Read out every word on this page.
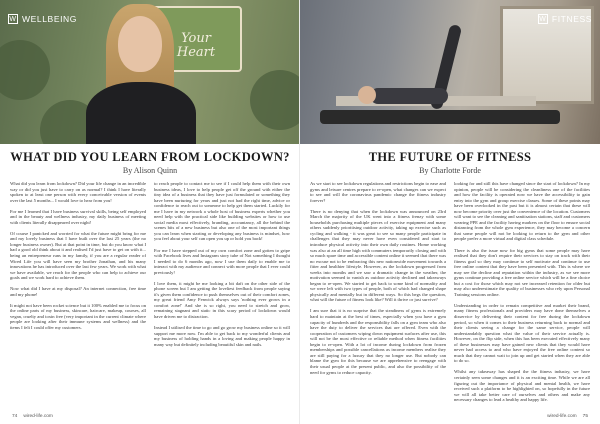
Your
Heart
W WELLBEING
WHAT DID YOU LEARN FROM LOCKDOWN?
By Alison Quinn

What did you learn from lockdown? Did your life change in an incredible way or did you just have to carry on as normal? I think I have literally spoken to at least one person with every conceivable version of events over the last 5 months... I would love to hear from you!

For me I learned that I have business survival skills, being self employed and in the beauty and wellness industry, my daily business of meeting with clients literally disappeared over night!

Of course I panicked and worried for what the future might bring for me and my lovely business that I have built over the last 25 years (the no longer business owner). But at that point in time, but do you know what I had a good old think about it and realised I'd just have to get on with it... being an entrepreneur runs in my family, if you are a regular reader of Wired Life you will have seen my brother Jonathan, and his many innovations he has introduced over the last few years. We work with what we have available, we reach for the people who can help to achieve our goals and we work hard to achieve them.

Now what did I have at my disposal? An internet connection, free time and my phone!

It might not have been rocket science but it 100% enabled me to focus on the online parts of my business, skincare, haircare, makeup, courses, all vegan, cruelty and toxin free (very important in the current climate where people are looking after their immune systems and wellness) and the items I felt I could offer my customers.

to reach people to contact me to see if I could help them with their own business ideas, I love to help people get off the ground with either the tiny idea of a business that they have just formulated or something they have been nurturing for years and just not had the right time, advice or confidence to reach out to someone to help get them started. Luckily for me I have in my network a whole host of business experts whether you need help with the practical side like building websites or how to use social media most effectively, branding, accountancy, all the behind the scenes bits of a new business but also one of the most important things you can learn when starting or developing any business is mindset, how you feel about your self can open you up or hold you back!

For me I have stepped out of my own comfort zone and gotten to gripe with Facebook lives and Instagram story tube of Not something I thought I needed to do 6 months ago, now I use them daily to enable me to interact with my audience and connect with more people that I ever could previously!

I love them, it might be me looking a bit daft on the other side of the phone screen but I am getting the loveliest feedback from people saying it's given them confidence to push themselves out of their comfort zones, my great friend Amy Fenwick always says 'nothing ever grows in a comfort zone!' And she is so right, you need to stretch and grow, remaining stagnant and static in this scary period of lockdown would have driven me to distraction.

Instead I utilised the time to go and go grow my business online so it will support me more now. I'm able to get back to my wonderful clients and my business of holding hands in a loving and making people happy in many way but definitely including beautiful skin and nails.

74 wired-life.com
W FITNESS
THE FUTURE OF FITNESS
By Charlotte Forde

As we start to see lockdown regulations and restrictions begin to ease and gyms and leisure centres prepare to re-open, what changes can we expect to see and will the coronavirus pandemic change the fitness industry forever?

There is no denying that when the lockdown was announced on 23rd March the majority of the UK went into a fitness frenzy with some households purchasing multiple pieces of exercise equipment and many others suddenly prioritising outdoor activity, taking up exercise such as cycling and walking - it was great to see so many people participate in challenges that they may never have even considered and start to introduce physical activity into their own daily routines. Home working was also at an all time high with commuters temporarily closing and with so much spare time and accessible content online it seemed that there was no excuse not to be embracing this new nationwide movement towards a fitter and healthier lifestyle. However, as the lockdown progressed from weeks into months and we saw a dramatic change in the weather, the motivation seemed to vanish as outdoor activity declined and takeaways began to re-open. We started to get back to some kind of normality and we were left with two types of people, both of which had changed shape physically and mentally but in different ways. So this begs the question, what will the future of fitness look like? Will it thrive or just survive?

I am sure that it is no surprise that the steadiness of gyms is extremely hard to maintain at the best of times, especially when you have a gym capacity of hundreds and the responsibility falls on a gym team who also have the duty to deliver the services that are offered. Even with the cooperation of customers wiping down equipment surfaces after use, this will not be the most effective or reliable method when fitness facilities begin to re-open. With a lot of income during lockdown from frozen memberships and possible cancellations as income members realise they are still paying for a luxury that they no longer use. But nobody can blame the gym for this because we are apprehensive to reengage with their usual people at the present public, and also the possibility of the need for gyms to reduce capacity.

looking for and still this have changed since the start of lockdown? In my opinion, people will be considering the cleanliness one of the facilities and how the facility is operated now we have the accessibility to gain entry into the gym and group exercise classes. Some of these points may have been overlooked in the past but it is almost certain that these will now become priority over just the convenience of the location. Customers will want to see the cleaning and sanitisation stations, staff and customers wearing PPE and the facility having markers on the floor to ensure social distancing from the whole gym experience, they may become a concern that some people will not be looking to return to the gym and other people prefer a more virtual and digital class schedule.

There is also the issue now for big gyms that some people may have realised that they don't require their services to stay on track with their fitness goal so they may continue to self motivate and continue to use free online content that they have been presented with. This is where we may see the decline and reputation within the industry, as we see more gyms continue providing a free online service which will be a fine choice but a cost for those which may not see increased retention for older but may also underestimate the quality of businesses who rely upon Personal Training sessions online.

Understanding in order to remain competitive and market their brand, many fitness professionals and providers may have done themselves a disservice by delivering their content for free during the lockdown period, so when it comes to their business returning back to normal and their clients seeing a change for the same service, people will understandably question what the value of their service actually is. However, on the flip side, when this has been executed effectively many of these businesses may have gained new clients that they would have never had access to and who have enjoyed the free online content so much that they cannot wait to join up and get started when they are able to do so.

Whilst any takeaway has shaped the the fitness industry, we have certainly seen some changes and it is an exciting time. While we are all figuring out the importance of physical and mental health, we have received such a platform to be highlighted on, so hopefully in the future we will all take better care of ourselves and others and make any necessary changes to lead a healthy and happy life.

wired-life.com 75
